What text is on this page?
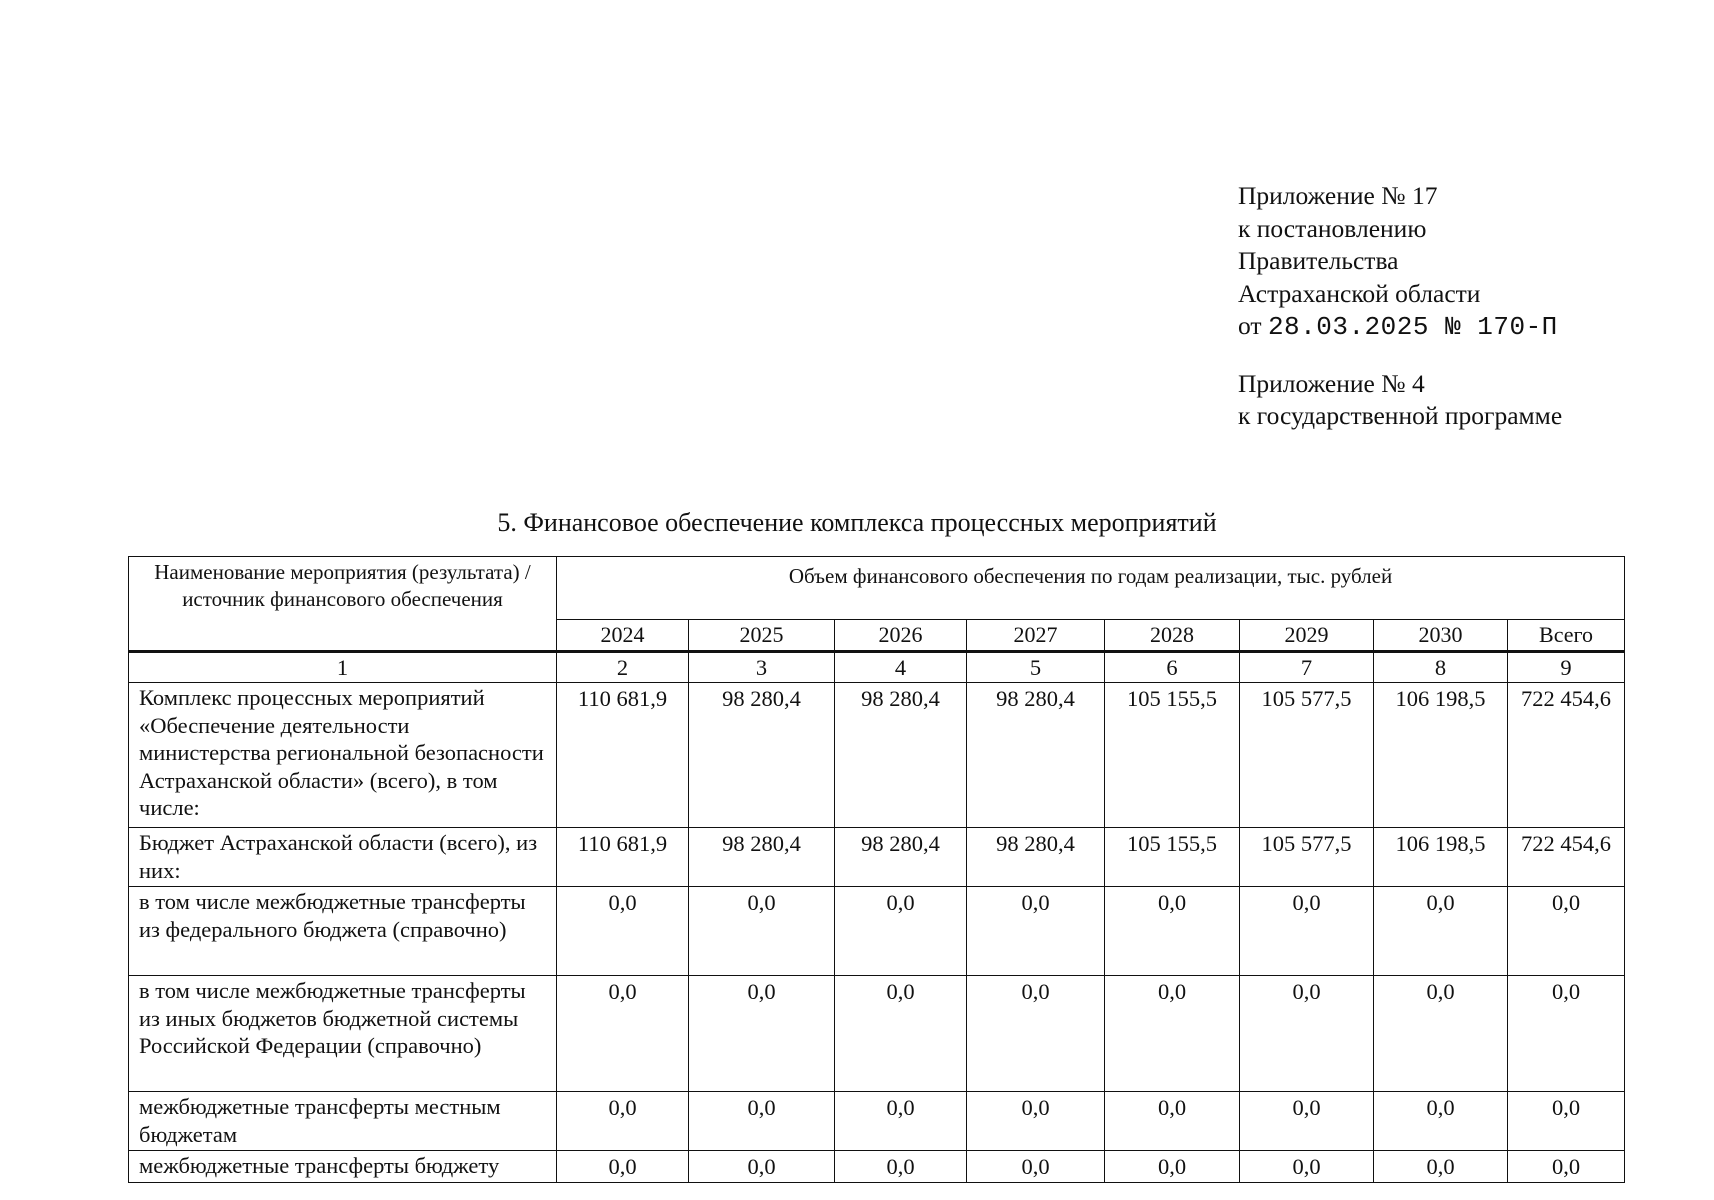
Приложение № 17
к постановлению
Правительства
Астраханской области
от 28.03.2025 № 170-П
Приложение № 4
к государственной программе
5. Финансовое обеспечение комплекса процессных мероприятий
Наименование мероприятия (результата) / источник финансового обеспечения	Объем финансового обеспечения по годам реализации, тыс. рублей							
	2024	2025	2026	2027	2028	2029	2030	Всего
1	2	3	4	5	6	7	8	9
Комплекс процессных мероприятий «Обеспечение деятельности министерства региональной безопасности Астраханской области» (всего), в том числе:	110 681,9	98 280,4	98 280,4	98 280,4	105 155,5	105 577,5	106 198,5	722 454,6
Бюджет Астраханской области (всего), из них:	110 681,9	98 280,4	98 280,4	98 280,4	105 155,5	105 577,5	106 198,5	722 454,6
в том числе межбюджетные трансферты из федерального бюджета (справочно)	0,0	0,0	0,0	0,0	0,0	0,0	0,0	0,0
в том числе межбюджетные трансферты из иных бюджетов бюджетной системы Российской Федерации (справочно)	0,0	0,0	0,0	0,0	0,0	0,0	0,0	0,0
межбюджетные трансферты местным бюджетам	0,0	0,0	0,0	0,0	0,0	0,0	0,0	0,0
межбюджетные трансферты бюджету	0,0	0,0	0,0	0,0	0,0	0,0	0,0	0,0
